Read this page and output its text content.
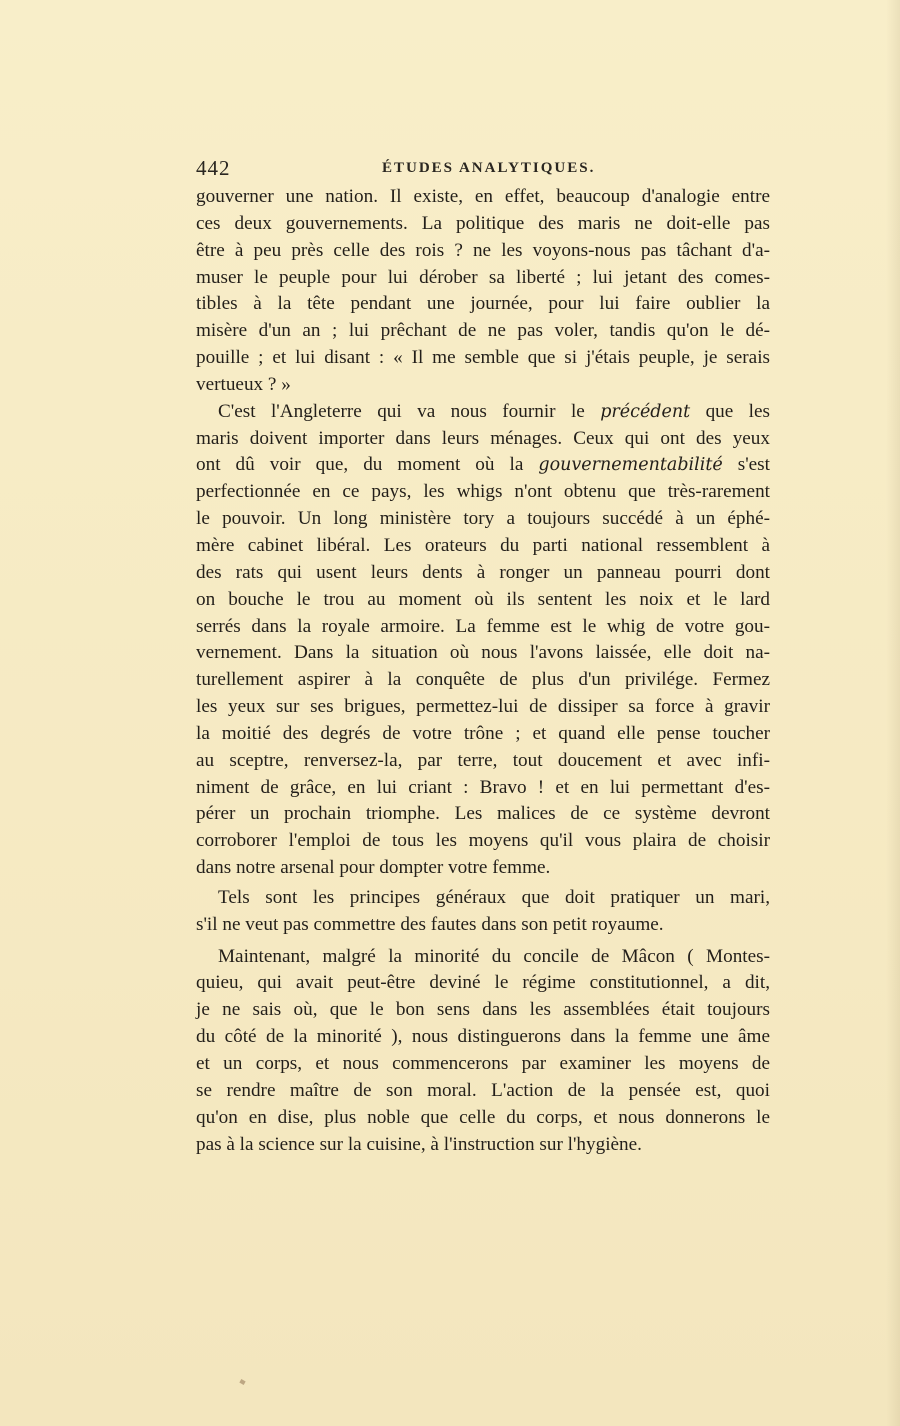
442	ÉTUDES ANALYTIQUES.
gouverner une nation. Il existe, en effet, beaucoup d'analogie entre
ces deux gouvernements. La politique des maris ne doit-elle pas
être à peu près celle des rois ? ne les voyons-nous pas tâchant d'a-
muser le peuple pour lui dérober sa liberté ; lui jetant des comes-
tibles à la tête pendant une journée, pour lui faire oublier la
misère d'un an ; lui prêchant de ne pas voler, tandis qu'on le dé-
pouille ; et lui disant : « Il me semble que si j'étais peuple, je serais
vertueux ? »
C'est l'Angleterre qui va nous fournir le précédent que les
maris doivent importer dans leurs ménages. Ceux qui ont des yeux
ont dû voir que, du moment où la gouvernementabilité s'est
perfectionnée en ce pays, les whigs n'ont obtenu que très-rarement
le pouvoir. Un long ministère tory a toujours succédé à un éphé-
mère cabinet libéral. Les orateurs du parti national ressemblent à
des rats qui usent leurs dents à ronger un panneau pourri dont
on bouche le trou au moment où ils sentent les noix et le lard
serrés dans la royale armoire. La femme est le whig de votre gou-
vernement. Dans la situation où nous l'avons laissée, elle doit na-
turellement aspirer à la conquête de plus d'un privilége. Fermez
les yeux sur ses brigues, permettez-lui de dissiper sa force à gravir
la moitié des degrés de votre trône ; et quand elle pense toucher
au sceptre, renversez-la, par terre, tout doucement et avec infi-
niment de grâce, en lui criant : Bravo ! et en lui permettant d'es-
pérer un prochain triomphe. Les malices de ce système devront
corroborer l'emploi de tous les moyens qu'il vous plaira de choisir
dans notre arsenal pour dompter votre femme.
Tels sont les principes généraux que doit pratiquer un mari,
s'il ne veut pas commettre des fautes dans son petit royaume.
Maintenant, malgré la minorité du concile de Mâcon ( Montes-
quieu, qui avait peut-être deviné le régime constitutionnel, a dit,
je ne sais où, que le bon sens dans les assemblées était toujours
du côté de la minorité ), nous distinguerons dans la femme une âme
et un corps, et nous commencerons par examiner les moyens de
se rendre maître de son moral. L'action de la pensée est, quoi
qu'on en dise, plus noble que celle du corps, et nous donnerons le
pas à la science sur la cuisine, à l'instruction sur l'hygiène.
